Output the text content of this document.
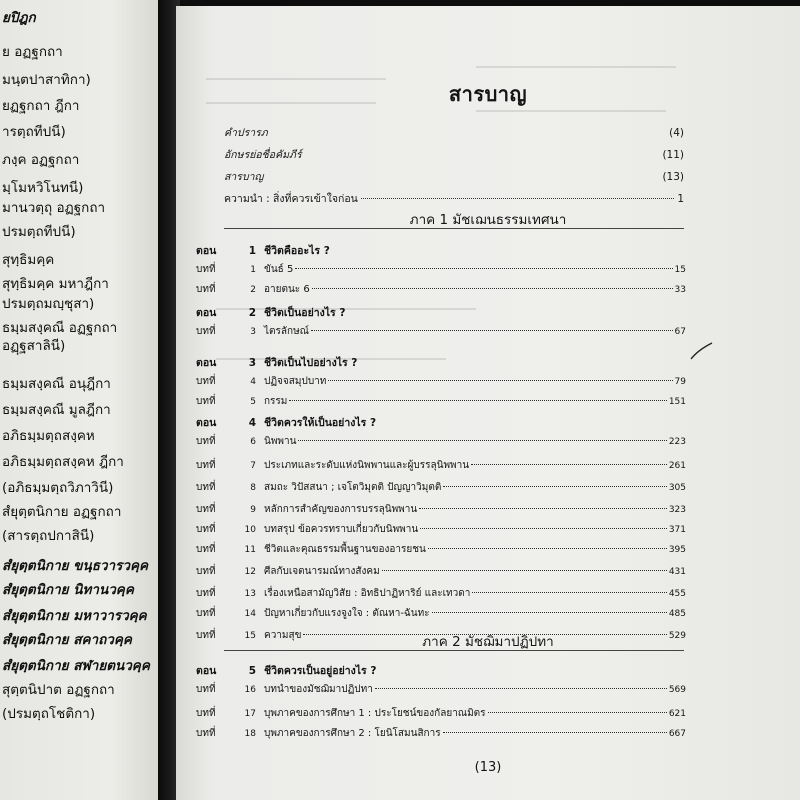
ยปิฎก
ย อฏฐกถา
มนฺตปาสาทิกา)
ยฏฐกถา ฎีกา
ารตฺถทีปนี)
ภงฺค อฏฐกถา
มฺโมหวิโนทนี)
มานวตฺถุ อฏฐกถา
ปรมตฺถทีปนี)
สุทฺธิมคฺค
สุทฺธิมคฺค มหาฎีกา
ปรมตฺถมญฺชุสา)
ธมฺมสงฺคณี อฏฐกถา
อฏฺฐสาลินี)
ธมฺมสงฺคณี อนุฎีกา
ธมฺมสงฺคณี มูลฎีกา
อภิธมฺมตฺถสงฺคห
อภิธมฺมตฺถสงฺคห ฎีกา
(อภิธมฺมตฺถวิภาวินี)
สํยุตฺตนิกาย อฏฐกถา
(สารตฺถปกาสินี)
สํยุตฺตนิกาย ขนฺธวารวคฺค
สํยุตฺตนิกาย นิทานวคฺค
สํยุตฺตนิกาย มหาวารวคฺค
สํยุตฺตนิกาย สคาถวคฺค
สํยุตฺตนิกาย สฬายตนวคฺค
สุตฺตนิปาต อฏฐกถา
(ปรมตฺถโชติกา)
สารบาญ
คำปรารภ	(4)
อักษรย่อชื่อคัมภีร์	(11)
สารบาญ	(13)
ความนำ : สิ่งที่ควรเข้าใจก่อน	1
ภาค 1 มัชเฌนธรรมเทศนา
ตอน	1 ชีวิตคืออะไร ?
บทที่	1 ขันธ์ 5	15
บทที่	2 อายตนะ 6	33
ตอน	2 ชีวิตเป็นอย่างไร ?
บทที่	3 ไตรลักษณ์	67
ตอน	3 ชีวิตเป็นไปอย่างไร ?
บทที่	4 ปฏิจจสมุปบาท	79
บทที่	5 กรรม	151
ตอน	4 ชีวิตควรให้เป็นอย่างไร ?
บทที่	6 นิพพาน	223
บทที่	7 ประเภทและระดับแห่งนิพพานและผู้บรรลุนิพพาน	261
บทที่	8 สมถะ วิปัสสนา ; เจโตวิมุตติ ปัญญาวิมุตติ	305
บทที่	9 หลักการสำคัญของการบรรลุนิพพาน	323
บทที่	10 บทสรุป ข้อควรทราบเกี่ยวกับนิพพาน	371
บทที่	11 ชีวิตและคุณธรรมพื้นฐานของอารยชน	395
บทที่	12 ศีลกับเจตนารมณ์ทางสังคม	431
บทที่	13 เรื่องเหนือสามัญวิสัย : อิทธิปาฏิหาริย์ และเทวดา	455
บทที่	14 ปัญหาเกี่ยวกับแรงจูงใจ : ตัณหา-ฉันทะ	485
บทที่	15 ความสุข	529
ภาค 2 มัชฌิมาปฏิปทา
ตอน	5 ชีวิตควรเป็นอยู่อย่างไร ?
บทที่	16 บทนำของมัชฌิมาปฏิปทา	569
บทที่	17 บุพภาคของการศึกษา 1 : ประโยชน์ของกัลยาณมิตร	621
บทที่	18 บุพภาคของการศึกษา 2 : โยนิโสมนสิการ	667
(13)
